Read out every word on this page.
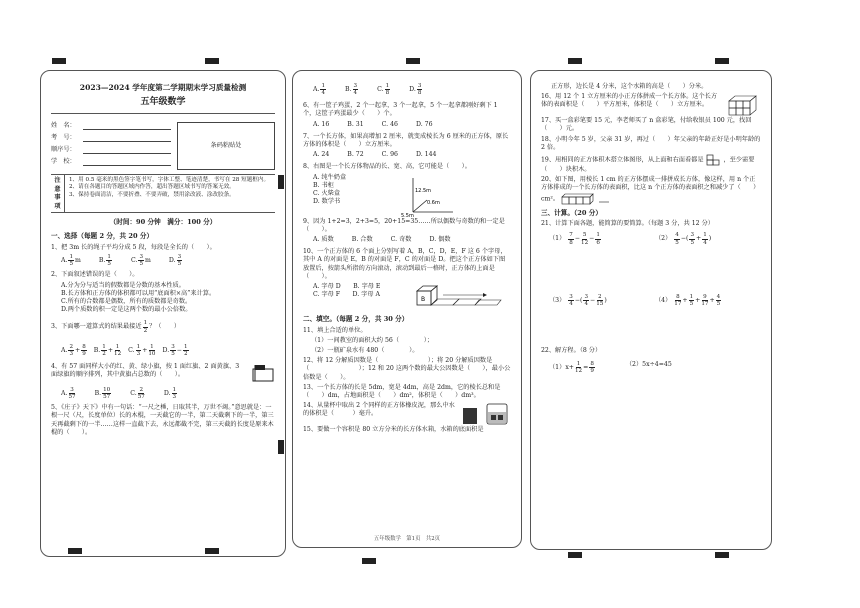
2023—2024 学年度第二学期期末学习质量检测
五年级数学
姓　名：
考　号：
顺序号：
学　校：
条码粘贴处
注
意
事
项
1、用 0.5 毫米的黑色签字笔书写，字体工整、笔迹清楚，书写在 28 短题框内。
2、请在各题目的答题区域内作答，超出答题区域书写的答案无效。
3、保持卷面清洁，不要折叠、不要弄破，禁用涂改液、涂改胶条。
（时间：90 分钟　满分：100 分）
一、选择（每题 2 分，共 20 分）
1、把 3m 长的绳子平均分成 5 段，每段是全长的（　　）。
A. $\frac{1}{5}$ m	B. $\frac{1}{5}$	C. $\frac{3}{5}$ m	D. $\frac{3}{5}$
2、下面叙述错误的是（　　）。
A.分为分与适当的假数都是分数的基本性质。
B.长方体和正方体的体积都可以用“底面积×高”来计算。
C.所有的合数都是偶数，所有的质数都是奇数。
D.两个质数的积一定是这两个数的最小公倍数。
3、下面哪一道算式的结果最接近 $\frac{1}{2}$ ？（　　）
A. $\frac{2}{3} + \frac{8}{9} B$. $\frac{1}{2} + \frac{1}{12} C$. $\frac{1}{3} + \frac{1}{10} D$. $\frac{3}{5} - \frac{1}{2}$
4、有 57 面同样大小的红、黄、绿小旗，按 1 面红旗、2 面黄旗、3 面绿旗的顺序排列，其中黄旗占总数的（　　）。
A. $\frac{3}{57}$	B. $\frac{10}{57}$	C. $\frac{2}{57}$	D. $\frac{1}{3}$
5、《庄子》天下》中有一句话：“一尺之棰，日取其半，万世不竭。”意思就是：一根一尺（尺，长度单位）长的木棍，一天截它的一半，第二天截剩下的一半，第三天再截剩下的一半……这样一直截下去，永远都截不完，第三天截的长度是原来木棍的（　　）。
A. $\frac{1}{4}$	B. $\frac{3}{4}$	C. $\frac{1}{8}$	D. $\frac{3}{8}$
6、有一筐子鸡蛋，2 个一起拿，3 个一起拿，5 个一起拿都刚好剩下 1 个，这筐子鸡蛋最少（　　）个。
A. 16	B. 31	C. 46	D. 76
7、一个长方体，如果高增加 2 厘米，就变成棱长为 6 厘米的正方体，原长方体的体积是（　　）立方厘米。
A. 24	B. 72	C. 96	D. 144
8、右图是一个长方体物品的长、宽、高，它可能是（　　）。
A. 纯牛奶盒
B. 书柜
C. 火柴盒
D. 数学书
12.5m
0.6m
5.5m
9、因为 1+2=3，2+3=5，20+15=35……所以偶数与奇数的和一定是（　　）。
A. 质数	B. 合数	C. 奇数	D. 偶数
10、一个正方体的 6 个面上分别写着 A，B，C，D，E，F 这 6 个字母，其中 A 的对面是 E，B 的对面是 F，C 的对面是 D。把这个正方体如下图放置后，按箭头所指的方向滚动，滚动到最后一格时，正方体的上面是（　　）。
A. 字母 D　　 B. 字母 E
C. 字母 F　　 D. 字母 A
B
二、填空。（每题 2 分，共 30 分）
11、填上合适的单位。
（1）一间教室的面积大约 56（　　　　）；
（2）一瓶矿泉水有 480（　　　　）。
12、将 12 分解质因数是（　　　　　　　　）；将 20 分解质因数是（　　　　　　　　）；12 和 20 这两个数的最大公因数是（　　），最小公倍数是（　　）。
13、一个长方体的长是 5dm，宽是 4dm，高是 2dm，它的棱长总和是（　　）dm，占地面积是（　　）dm²，体积是（　　）dm³。
14、从量杯中取出 2 个同样的正方体橡皮泥，那么中水的体积是（　　　）毫升。
15、要做一个容积是 80 立方分米的长方体水箱，水箱的底面积是
五年级数学　第1页　共2页
正方形，边长是 4 分米，这个水箱的高是（　　）分米。
16、用 12 个 1 立方厘米的小正方体拼成一个长方体。这个长方体的表面积是（　　）平方厘米，体积是（　　）立方厘米。
17、买一盒彩笔要 15 元，李老师买了 n 盒彩笔，付给收银员 100 元，找回（　　）元。
18、小明今年 5 岁，父亲 31 岁，再过（　　）年父亲的年龄正好是小明年龄的 2 倍。
19、用相同的正方体积木搭立体图形，从上面和右面看都是	，至少需要（　　）块积木。
20、如下图，用棱长 1 cm 的正方体摆成一排拼成长方体，像这样，用 n 个正方体排成的一个长方体的表面积，比这 n 个正方体的表面积之和减少了（　　）cm²。
三、计算。（20 分）
21、计算下面各题，能简算的要简算。（每题 3 分，共 12 分）
$(1) \frac{7}{8} - \frac{5}{12} - \frac{1}{6}$	$(2) \frac{4}{5}$ −( $\frac{3}{5} + \frac{1}{4}$ )
$(3) \frac{3}{4}$ −( $\frac{3}{4} - \frac{2}{15}$ )	$(4) \frac{8}{17} + \frac{1}{5} + \frac{9}{17} + \frac{4}{5}$
22、解方程。（8 分）
$(1)x+ \frac{1}{12} = \frac{8}{9}$	（2）5x÷4=45
